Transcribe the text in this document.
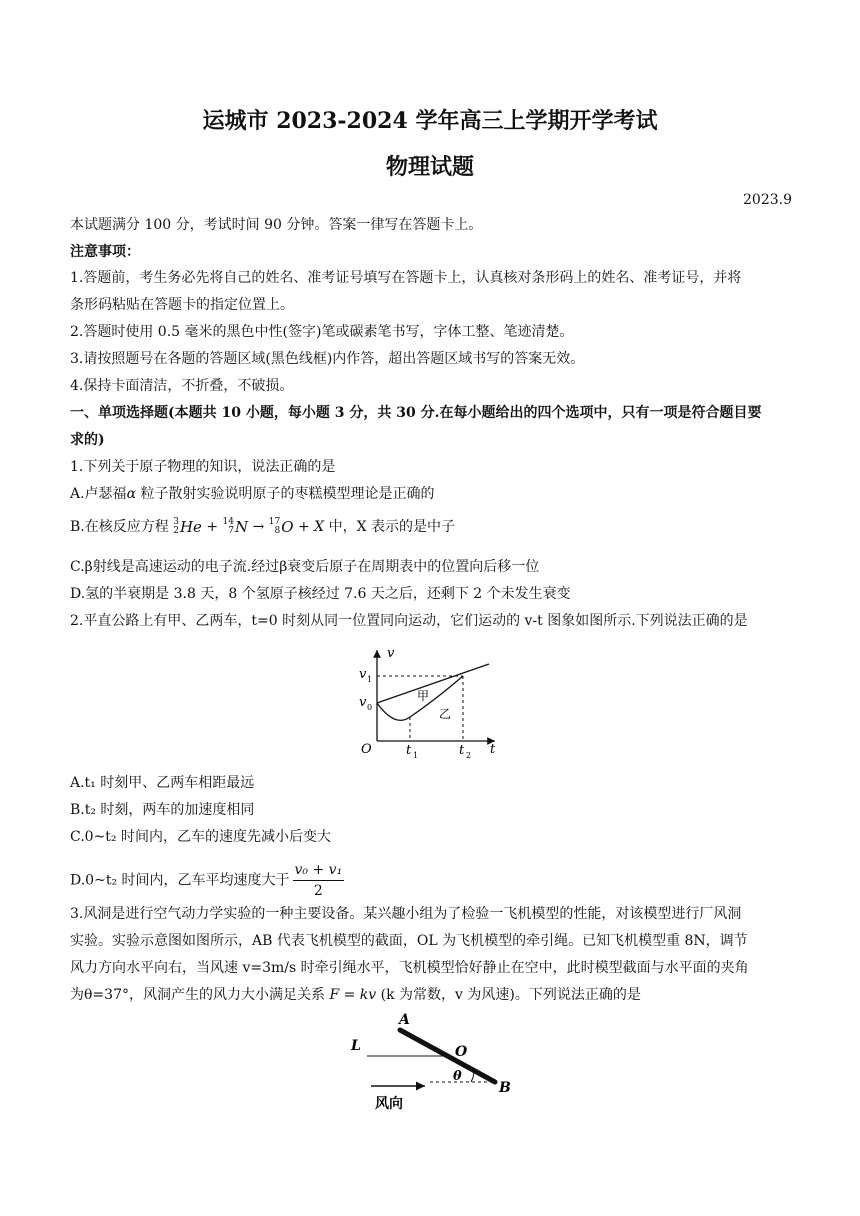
运城市 2023-2024 学年高三上学期开学考试
物理试题
2023.9
本试题满分 100 分，考试时间 90 分钟。答案一律写在答题卡上。
注意事项：
1.答题前，考生务必先将自己的姓名、准考证号填写在答题卡上，认真核对条形码上的姓名、准考证号，并将
条形码粘贴在答题卡的指定位置上。
2.答题时使用 0.5 毫米的黑色中性(签字)笔或碳素笔书写，字体工整、笔迹清楚。
3.请按照题号在各题的答题区域(黑色线框)内作答，超出答题区域书写的答案无效。
4.保持卡面清洁，不折叠，不破损。
一、单项选择题(本题共 10 小题，每小题 3 分，共 30 分.在每小题给出的四个选项中，只有一项是符合题目要
求的)
1.下列关于原子物理的知识，说法正确的是
A.卢瑟福α 粒子散射实验说明原子的枣糕模型理论是正确的
B.在核反应方程 3
2 He + 14
7 N → 17
8 O + X 中，X 表示的是中子
C.β射线是高速运动的电子流.经过β衰变后原子在周期表中的位置向后移一位
D.氢的半衰期是 3.8 天，8 个氢原子核经过 7.6 天之后，还剩下 2 个未发生衰变
2.平直公路上有甲、乙两车，t=0 时刻从同一位置同向运动，它们运动的 v-t 图象如图所示.下列说法正确的是
v
t
O
v 1
v 0
t 1	t 2
甲
乙
A.t₁ 时刻甲、乙两车相距最远
B.t₂ 时刻，两车的加速度相同
C.0~t₂ 时间内，乙车的速度先减小后变大
D.0~t₂ 时间内，乙车平均速度大于 $\frac{\text{v₀ + v₁}}{2}$
3.风洞是进行空气动力学实验的一种主要设备。某兴趣小组为了检验一飞机模型的性能，对该模型进行厂风洞
实验。实验示意图如图所示，AB 代表飞机模型的截面，OL 为飞机模型的牵引绳。已知飞机模型重 8N，调节
风力方向水平向右，当风速 v=3m/s 时牵引绳水平，飞机模型恰好静止在空中，此时模型截面与水平面的夹角
为θ=37°，风洞产生的风力大小满足关系 F = kv (k 为常数，v 为风速)。下列说法正确的是
A
B
O
L
θ
风向
